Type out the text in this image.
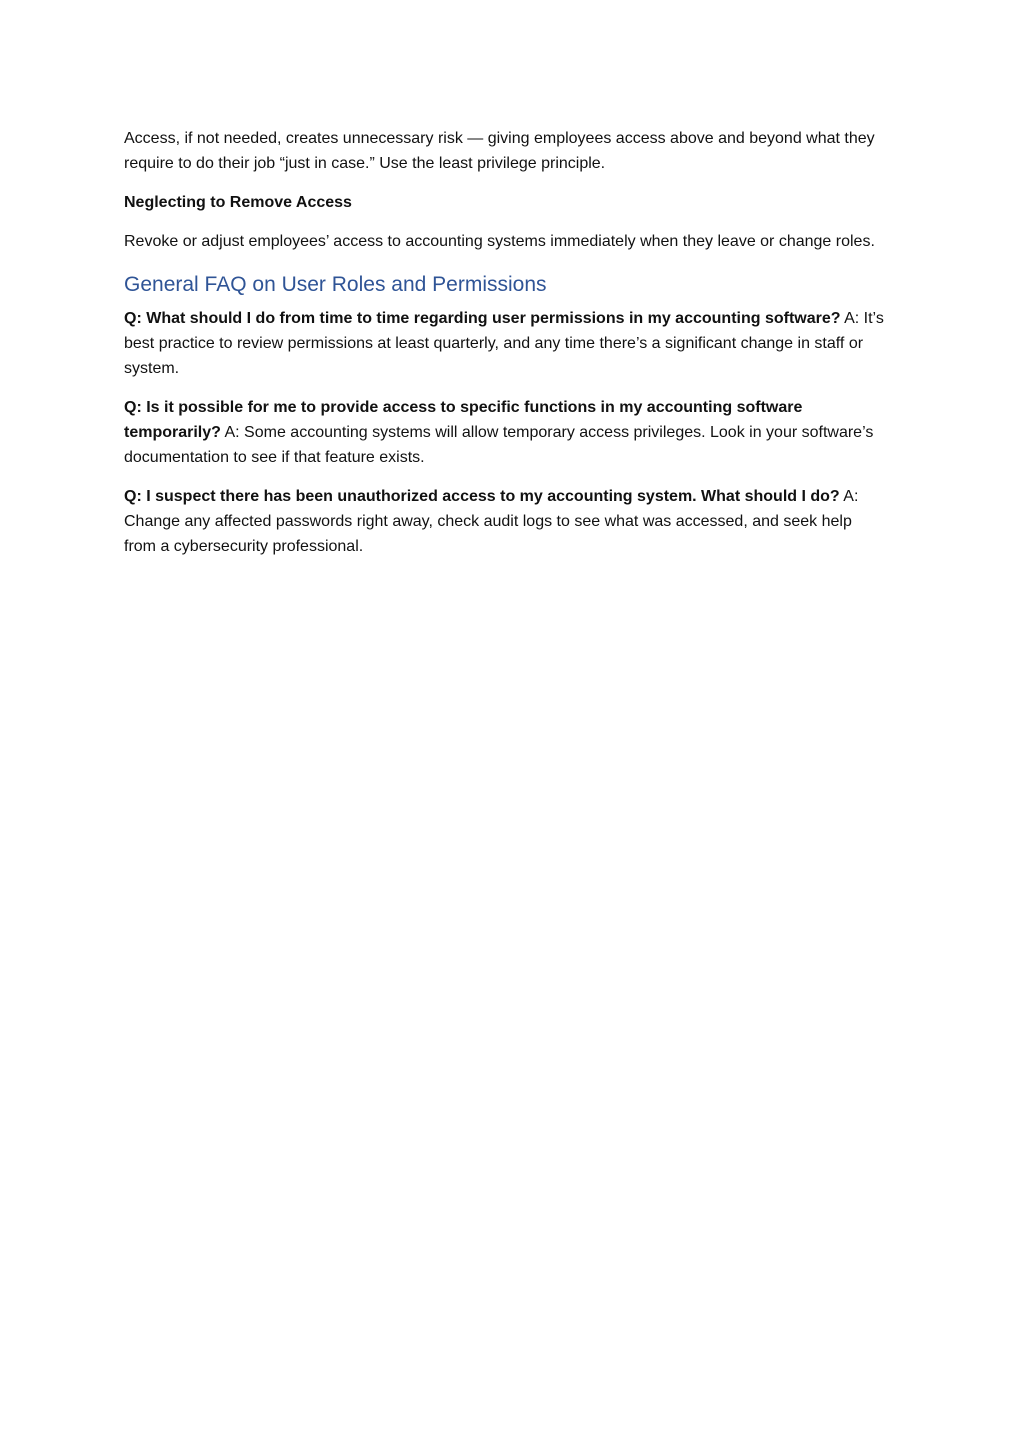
Access, if not needed, creates unnecessary risk — giving employees access above and beyond what they require to do their job “just in case.” Use the least privilege principle.

Neglecting to Remove Access

Revoke or adjust employees’ access to accounting systems immediately when they leave or change roles.

General FAQ on User Roles and Permissions

Q: What should I do from time to time regarding user permissions in my accounting software? A: It’s best practice to review permissions at least quarterly, and any time there’s a significant change in staff or system.

Q: Is it possible for me to provide access to specific functions in my accounting software temporarily? A: Some accounting systems will allow temporary access privileges. Look in your software’s documentation to see if that feature exists.

Q: I suspect there has been unauthorized access to my accounting system. What should I do? A: Change any affected passwords right away, check audit logs to see what was accessed, and seek help from a cybersecurity professional.
